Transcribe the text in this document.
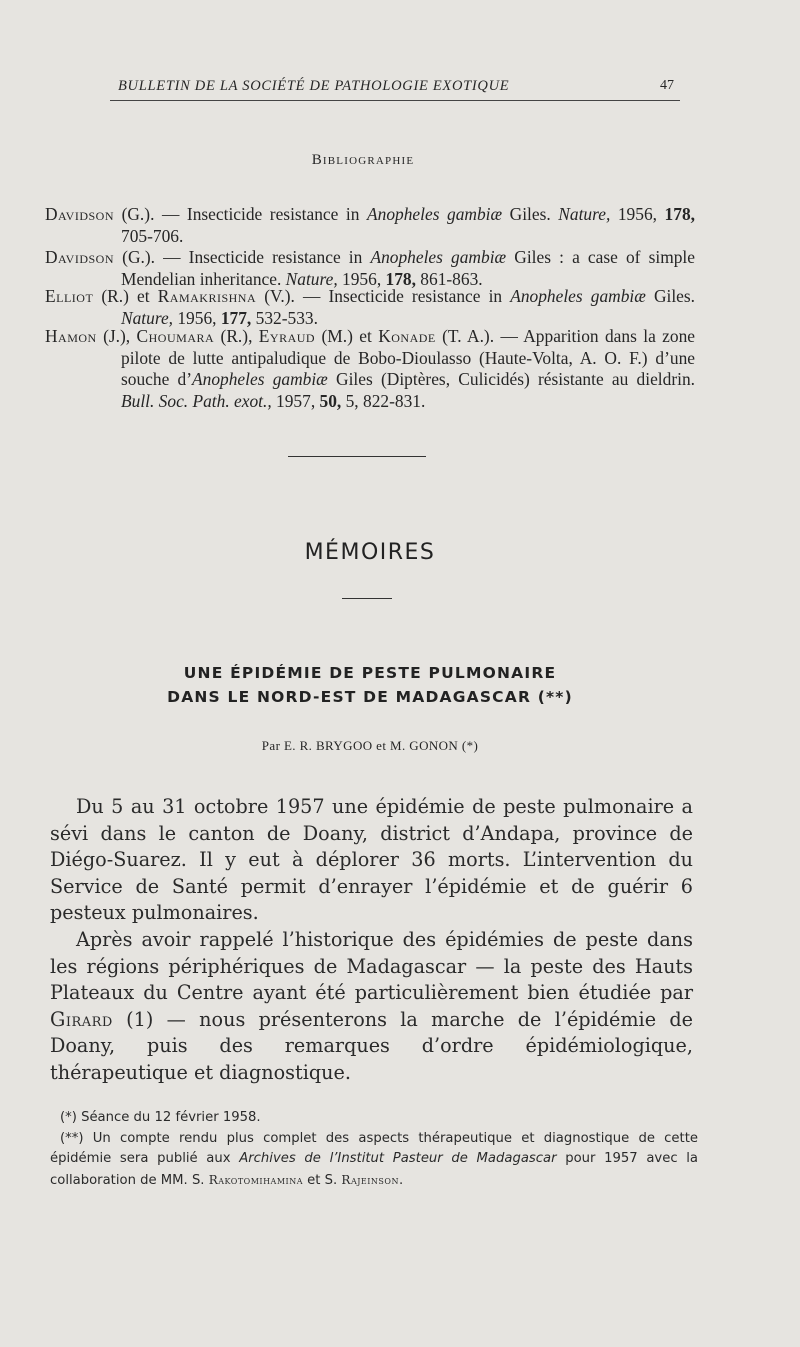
BULLETIN DE LA SOCIÉTÉ DE PATHOLOGIE EXOTIQUE	47
Bibliographie
Davidson (G.). — Insecticide resistance in Anopheles gambiæ Giles. Nature, 1956, 178, 705-706.
Davidson (G.). — Insecticide resistance in Anopheles gambiæ Giles : a case of simple Mendelian inheritance. Nature, 1956, 178, 861-863.
Elliot (R.) et Ramakrishna (V.). — Insecticide resistance in Anopheles gambiæ Giles. Nature, 1956, 177, 532-533.
Hamon (J.), Choumara (R.), Eyraud (M.) et Konade (T. A.). — Apparition dans la zone pilote de lutte antipaludique de Bobo-Dioulasso (Haute-Volta, A. O. F.) d’une souche d’Anopheles gambiæ Giles (Diptères, Culicidés) résistante au dieldrin. Bull. Soc. Path. exot., 1957, 50, 5, 822-831.
MÉMOIRES
UNE ÉPIDÉMIE DE PESTE PULMONAIRE
DANS LE NORD-EST DE MADAGASCAR (**)
Par E. R. BRYGOO et M. GONON (*)

Du 5 au 31 octobre 1957 une épidémie de peste pulmonaire a sévi dans le canton de Doany, district d’Andapa, province de Diégo-Suarez. Il y eut à déplorer 36 morts. L’intervention du Service de Santé permit d’enrayer l’épidémie et de guérir 6 pesteux pulmonaires.

Après avoir rappelé l’historique des épidémies de peste dans les régions périphériques de Madagascar — la peste des Hauts Plateaux du Centre ayant été particulièrement bien étudiée par Girard (1) — nous présenterons la marche de l’épidémie de Doany, puis des remarques d’ordre épidémiologique, thérapeutique et diagnostique.

(*) Séance du 12 février 1958.

(**) Un compte rendu plus complet des aspects thérapeutique et diagnostique de cette épidémie sera publié aux Archives de l’Institut Pasteur de Madagascar pour 1957 avec la collaboration de MM. S. Rakotomihamina et S. Rajeinson.
